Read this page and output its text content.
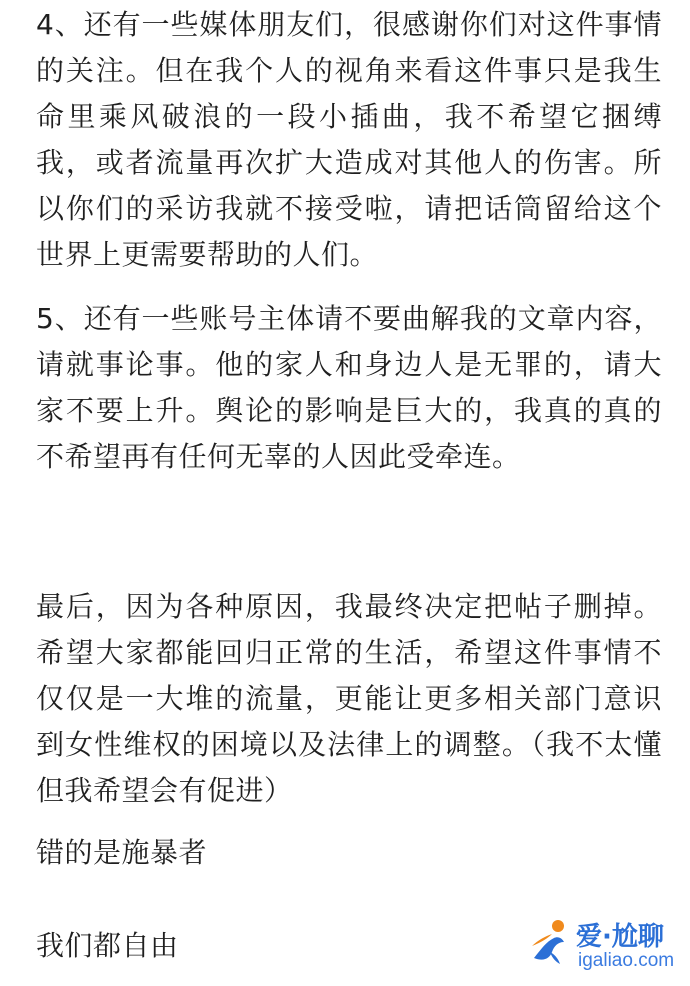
4、还有一些媒体朋友们，很感谢你们对这件事情的关注。但在我个人的视角来看这件事只是我生命里乘风破浪的一段小插曲，我不希望它捆缚我，或者流量再次扩大造成对其他人的伤害。所以你们的采访我就不接受啦，请把话筒留给这个世界上更需要帮助的人们。

5、还有一些账号主体请不要曲解我的文章内容，请就事论事。他的家人和身边人是无罪的，请大家不要上升。舆论的影响是巨大的，我真的真的不希望再有任何无辜的人因此受牵连。

最后，因为各种原因，我最终决定把帖子删掉。希望大家都能回归正常的生活，希望这件事情不仅仅是一大堆的流量，更能让更多相关部门意识到女性维权的困境以及法律上的调整。（我不太懂但我希望会有促进）

错的是施暴者

我们都自由	爱·尬聊
igaliao.com
